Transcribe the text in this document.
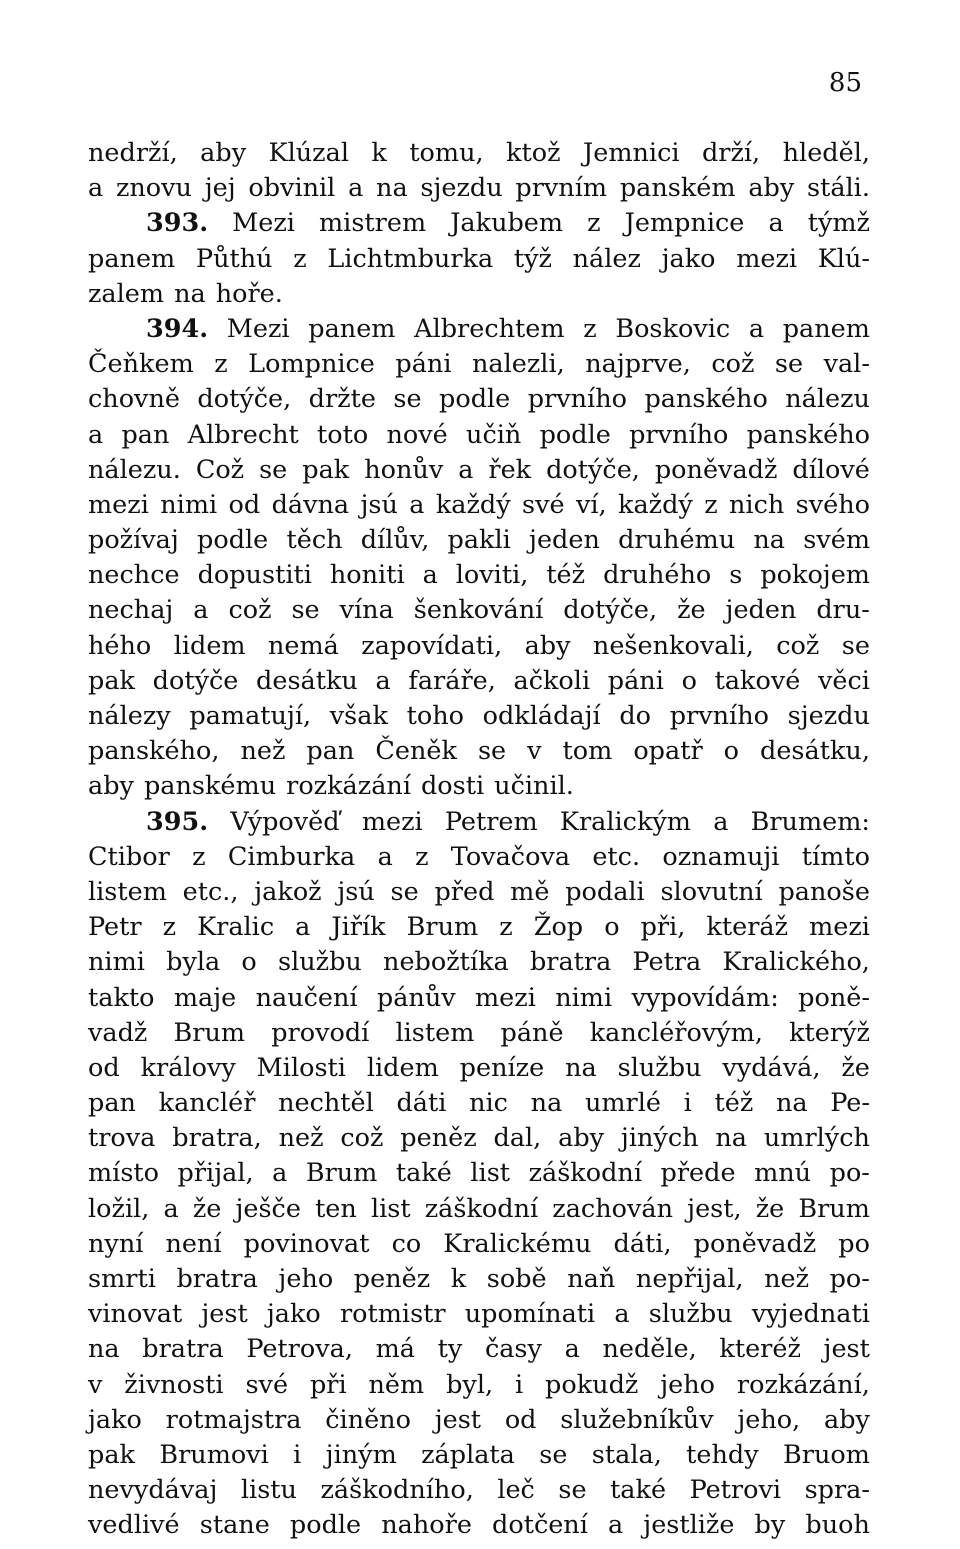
85
nedrží, aby Klúzal k tomu, ktož Jemnici drží, hleděl,
a znovu jej obvinil a na sjezdu prvním panském aby stáli.
393. Mezi mistrem Jakubem z Jempnice a týmž
panem Půthú z Lichtmburka týž nález jako mezi Klú-
zalem na hoře.
394. Mezi panem Albrechtem z Boskovic a panem
Čeňkem z Lompnice páni nalezli, najprve, což se val-
chovně dotýče, držte se podle prvního panského nálezu
a pan Albrecht toto nové učiň podle prvního panského
nálezu. Což se pak honův a řek dotýče, poněvadž dílové
mezi nimi od dávna jsú a každý své ví, každý z nich svého
požívaj podle těch dílův, pakli jeden druhému na svém
nechce dopustiti honiti a loviti, též druhého s pokojem
nechaj a což se vína šenkování dotýče, že jeden dru-
hého lidem nemá zapovídati, aby nešenkovali, což se
pak dotýče desátku a faráře, ačkoli páni o takové věci
nálezy pamatují, však toho odkládají do prvního sjezdu
panského, než pan Čeněk se v tom opatř o desátku,
aby panskému rozkázání dosti učinil.
395. Výpověď mezi Petrem Kralickým a Brumem:
Ctibor z Cimburka a z Tovačova etc. oznamuji tímto
listem etc., jakož jsú se před mě podali slovutní panoše
Petr z Kralic a Jiřík Brum z Žop o při, kteráž mezi
nimi byla o službu nebožtíka bratra Petra Kralického,
takto maje naučení pánův mezi nimi vypovídám: poně-
vadž Brum provodí listem páně kancléřovým, kterýž
od královy Milosti lidem peníze na službu vydává, že
pan kancléř nechtěl dáti nic na umrlé i též na Pe-
trova bratra, než což peněz dal, aby jiných na umrlých
místo přijal, a Brum také list záškodní přede mnú po-
ložil, a že ješče ten list záškodní zachován jest, že Brum
nyní není povinovat co Kralickému dáti, poněvadž po
smrti bratra jeho peněz k sobě naň nepřijal, než po-
vinovat jest jako rotmistr upomínati a službu vyjednati
na bratra Petrova, má ty časy a neděle, kteréž jest
v živnosti své při něm byl, i pokudž jeho rozkázání,
jako rotmajstra činěno jest od služebníkův jeho, aby
pak Brumovi i jiným záplata se stala, tehdy Bruom
nevydávaj listu záškodního, leč se také Petrovi spra-
vedlivé stane podle nahoře dotčení a jestliže by buoh
